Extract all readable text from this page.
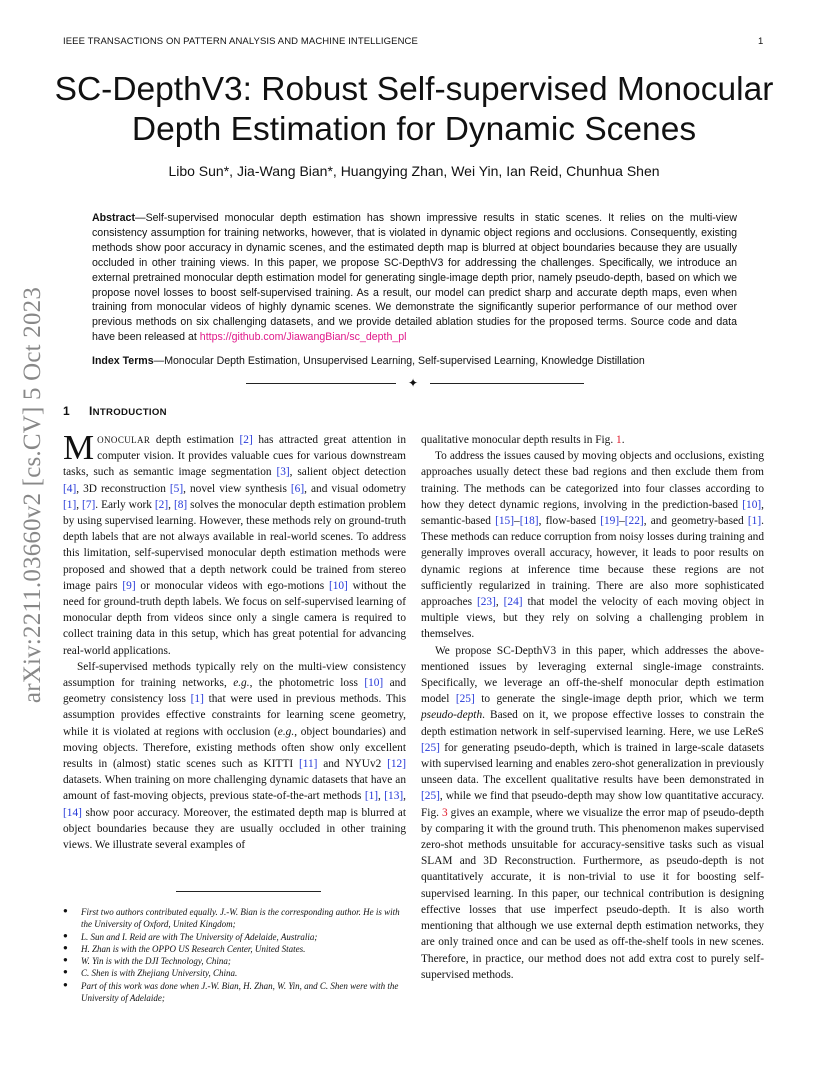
IEEE TRANSACTIONS ON PATTERN ANALYSIS AND MACHINE INTELLIGENCE	1
arXiv:2211.03660v2 [cs.CV] 5 Oct 2023
SC-DepthV3: Robust Self-supervised Monocular Depth Estimation for Dynamic Scenes
Libo Sun*, Jia-Wang Bian*, Huangying Zhan, Wei Yin, Ian Reid, Chunhua Shen
Abstract—Self-supervised monocular depth estimation has shown impressive results in static scenes. It relies on the multi-view consistency assumption for training networks, however, that is violated in dynamic object regions and occlusions. Consequently, existing methods show poor accuracy in dynamic scenes, and the estimated depth map is blurred at object boundaries because they are usually occluded in other training views. In this paper, we propose SC-DepthV3 for addressing the challenges. Specifically, we introduce an external pretrained monocular depth estimation model for generating single-image depth prior, namely pseudo-depth, based on which we propose novel losses to boost self-supervised training. As a result, our model can predict sharp and accurate depth maps, even when training from monocular videos of highly dynamic scenes. We demonstrate the significantly superior performance of our method over previous methods on six challenging datasets, and we provide detailed ablation studies for the proposed terms. Source code and data have been released at https://github.com/JiawangBian/sc_depth_pl
Index Terms—Monocular Depth Estimation, Unsupervised Learning, Self-supervised Learning, Knowledge Distillation
✦
1 INTRODUCTION

MONOCULAR depth estimation [2] has attracted great attention in computer vision. It provides valuable cues for various downstream tasks, such as semantic image segmentation [3], salient object detection [4], 3D reconstruction [5], novel view synthesis [6], and visual odometry [1], [7]. Early work [2], [8] solves the monocular depth estimation problem by using supervised learning. However, these methods rely on ground-truth depth labels that are not always available in real-world scenes. To address this limitation, self-supervised monocular depth estimation methods were proposed and showed that a depth network could be trained from stereo image pairs [9] or monocular videos with ego-motions [10] without the need for ground-truth depth labels. We focus on self-supervised learning of monocular depth from videos since only a single camera is required to collect training data in this setup, which has great potential for advancing real-world applications.

Self-supervised methods typically rely on the multi-view consistency assumption for training networks, e.g., the photometric loss [10] and geometry consistency loss [1] that were used in previous methods. This assumption provides effective constraints for learning scene geometry, while it is violated at regions with occlusion (e.g., object boundaries) and moving objects. Therefore, existing methods often show only excellent results in (almost) static scenes such as KITTI [11] and NYUv2 [12] datasets. When training on more challenging dynamic datasets that have an amount of fast-moving objects, previous state-of-the-art methods [1], [13], [14] show poor accuracy. Moreover, the estimated depth map is blurred at object boundaries because they are usually occluded in other training views. We illustrate several examples of

● First two authors contributed equally. J.-W. Bian is the corresponding author. He is with the University of Oxford, United Kingdom;
● L. Sun and I. Reid are with The University of Adelaide, Australia;
● H. Zhan is with the OPPO US Research Center, United States.
● W. Yin is with the DJI Technology, China;
● C. Shen is with Zhejiang University, China.
● Part of this work was done when J.-W. Bian, H. Zhan, W. Yin, and C. Shen were with the University of Adelaide;

qualitative monocular depth results in Fig. 1.

To address the issues caused by moving objects and occlusions, existing approaches usually detect these bad regions and then exclude them from training. The methods can be categorized into four classes according to how they detect dynamic regions, involving in the prediction-based [10], semantic-based [15]–[18], flow-based [19]–[22], and geometry-based [1]. These methods can reduce corruption from noisy losses during training and generally improves overall accuracy, however, it leads to poor results on dynamic regions at inference time because these regions are not sufficiently regularized in training. There are also more sophisticated approaches [23], [24] that model the velocity of each moving object in multiple views, but they rely on solving a challenging problem in themselves.

We propose SC-DepthV3 in this paper, which addresses the above-mentioned issues by leveraging external single-image constraints. Specifically, we leverage an off-the-shelf monocular depth estimation model [25] to generate the single-image depth prior, which we term pseudo-depth. Based on it, we propose effective losses to constrain the depth estimation network in self-supervised learning. Here, we use LeReS [25] for generating pseudo-depth, which is trained in large-scale datasets with supervised learning and enables zero-shot generalization in previously unseen data. The excellent qualitative results have been demonstrated in [25], while we find that pseudo-depth may show low quantitative accuracy. Fig. 3 gives an example, where we visualize the error map of pseudo-depth by comparing it with the ground truth. This phenomenon makes supervised zero-shot methods unsuitable for accuracy-sensitive tasks such as visual SLAM and 3D Reconstruction. Furthermore, as pseudo-depth is not quantitatively accurate, it is non-trivial to use it for boosting self-supervised learning. In this paper, our technical contribution is designing effective losses that use imperfect pseudo-depth. It is also worth mentioning that although we use external depth estimation networks, they are only trained once and can be used as off-the-shelf tools in new scenes. Therefore, in practice, our method does not add extra cost to purely self-supervised methods.
